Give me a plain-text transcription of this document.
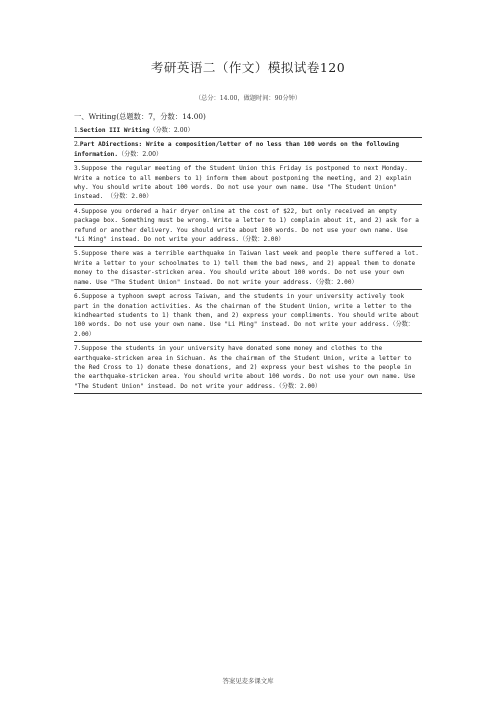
考研英语二（作文）模拟试卷120
（总分：14.00，做题时间：90分钟）
一、Writing(总题数：7，分数：14.00)
1.Section III Writing（分数：2.00）
2.Part ADirections: Write a composition/letter of no less than 100 words on the following information.（分数：2.00）
3.Suppose the regular meeting of the Student Union this Friday is postponed to next Monday. Write a notice to all members to 1) inform them about postponing the meeting, and 2) explain why. You should write about 100 words. Do not use your own name. Use "The Student Union" instead. （分数：2.00）
4.Suppose you ordered a hair dryer online at the cost of $22, but only received an empty package box. Something must be wrong. Write a letter to 1) complain about it, and 2) ask for a refund or another delivery. You should write about 100 words. Do not use your own name. Use "Li Ming" instead. Do not write your address.（分数：2.00）
5.Suppose there was a terrible earthquake in Taiwan last week and people there suffered a lot. Write a letter to your schoolmates to 1) tell them the bad news, and 2) appeal them to donate money to the disaster-stricken area. You should write about 100 words. Do not use your own name. Use "The Student Union" instead. Do not write your address.（分数：2.00）
6.Suppose a typhoon swept across Taiwan, and the students in your university actively took part in the donation activities. As the chairman of the Student Union, write a letter to the kindhearted students to 1) thank them, and 2) express your compliments. You should write about 100 words. Do not use your own name. Use "Li Ming" instead. Do not write your address.（分数：2.00）
7.Suppose the students in your university have donated some money and clothes to the earthquake-stricken area in Sichuan. As the chairman of the Student Union, write a letter to the Red Cross to 1) donate these donations, and 2) express your best wishes to the people in the earthquake-stricken area. You should write about 100 words. Do not use your own name. Use "The Student Union" instead. Do not write your address.（分数：2.00）
答案见麦多课文库
